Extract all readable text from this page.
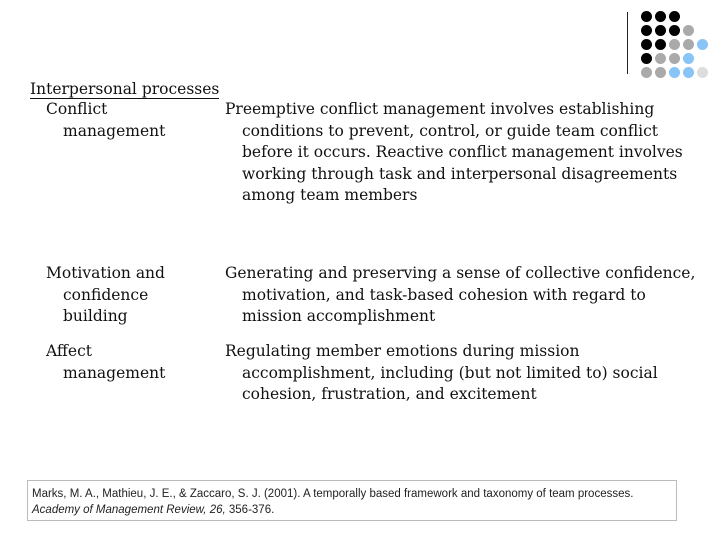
Interpersonal processes
Conflict
management
Preemptive conflict management involves establishing conditions to prevent, control, or guide team conflict before it occurs. Reactive conflict management involves working through task and interpersonal disagreements among team members
Motivation and
confidence
building
Generating and preserving a sense of collective confidence, motivation, and task-based cohesion with regard to mission accomplishment
Affect
management
Regulating member emotions during mission accomplishment, including (but not limited to) social cohesion, frustration, and excitement
Marks, M. A., Mathieu, J. E., & Zaccaro, S. J. (2001). A temporally based framework and taxonomy of team processes.
Academy of Management Review, 26, 356-376.
